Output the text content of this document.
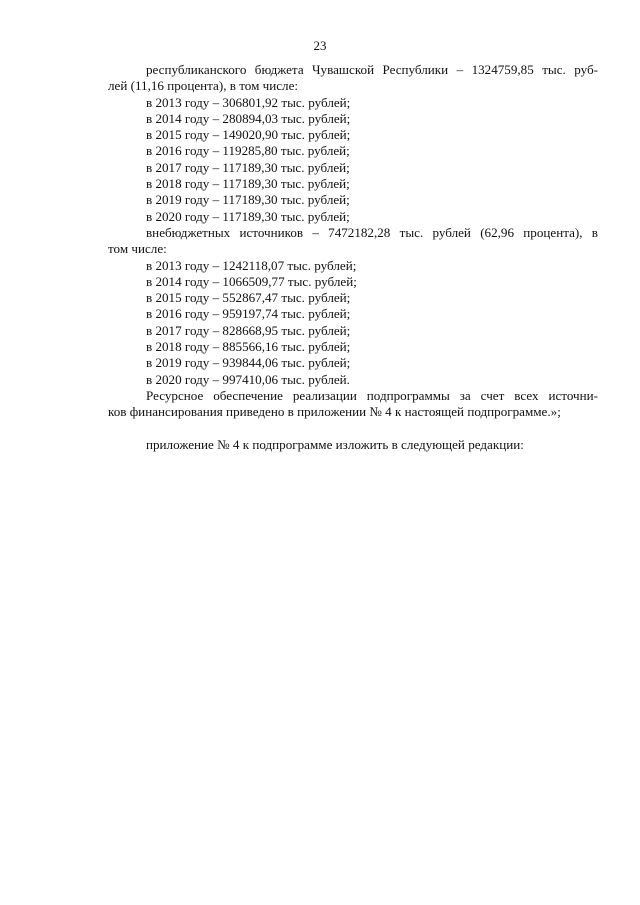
23
республиканского бюджета Чувашской Республики – 1324759,85 тыс. руб-
лей (11,16 процента), в том числе:
в 2013 году – 306801,92 тыс. рублей;
в 2014 году – 280894,03 тыс. рублей;
в 2015 году – 149020,90 тыс. рублей;
в 2016 году – 119285,80 тыс. рублей;
в 2017 году – 117189,30 тыс. рублей;
в 2018 году – 117189,30 тыс. рублей;
в 2019 году – 117189,30 тыс. рублей;
в 2020 году – 117189,30 тыс. рублей;
внебюджетных источников – 7472182,28 тыс. рублей (62,96 процента), в
том числе:
в 2013 году – 1242118,07 тыс. рублей;
в 2014 году – 1066509,77 тыс. рублей;
в 2015 году – 552867,47 тыс. рублей;
в 2016 году – 959197,74 тыс. рублей;
в 2017 году – 828668,95 тыс. рублей;
в 2018 году – 885566,16 тыс. рублей;
в 2019 году – 939844,06 тыс. рублей;
в 2020 году – 997410,06 тыс. рублей.
Ресурсное обеспечение реализации подпрограммы за счет всех источни-
ков финансирования приведено в приложении № 4 к настоящей подпрограмме.»;
приложение № 4 к подпрограмме изложить в следующей редакции:
